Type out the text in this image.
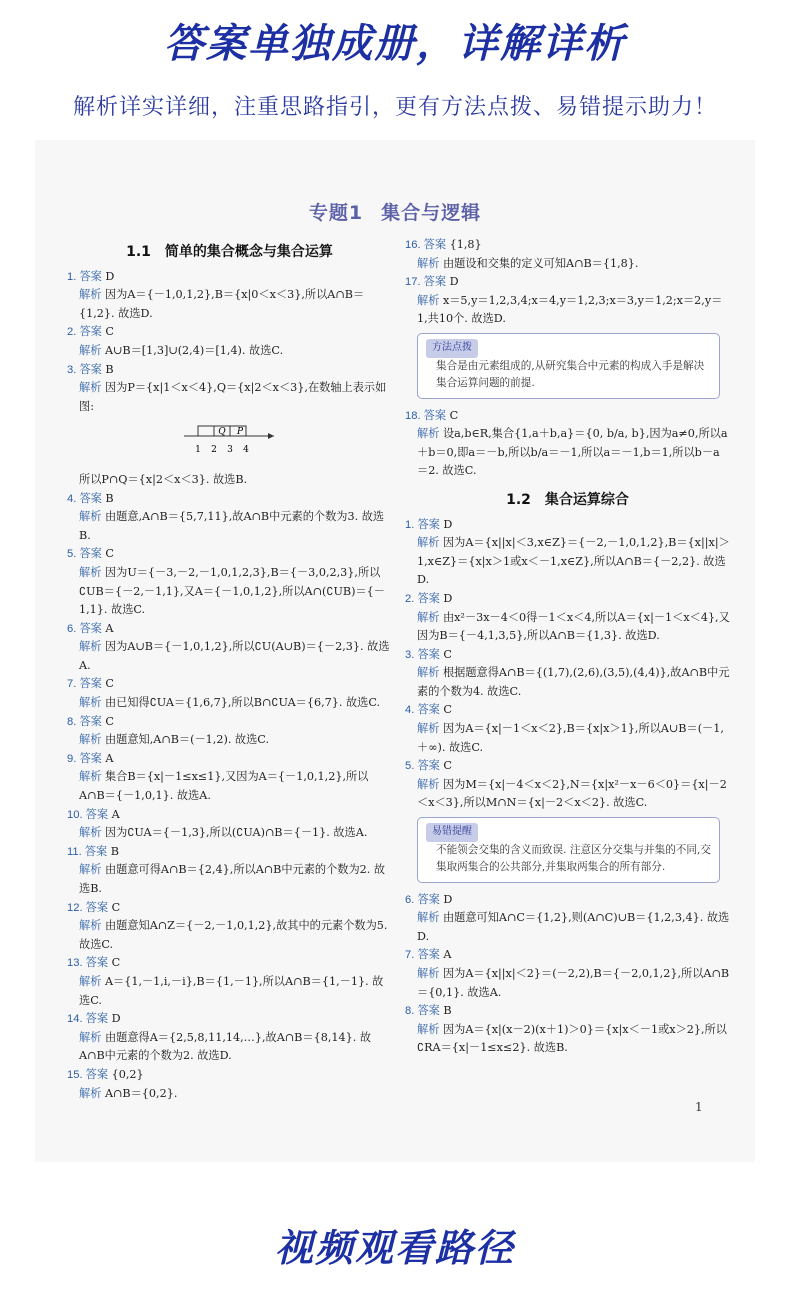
答案单独成册，详解详析
解析详实详细，注重思路指引，更有方法点拨、易错提示助力！
专题1 集合与逻辑
1.1　简单的集合概念与集合运算
1. 答案 D
解析 因为A＝{－1,0,1,2},B＝{x|0＜x＜3},所以A∩B＝{1,2}. 故选D.
2. 答案 C
解析 A∪B＝[1,3]∪(2,4)＝[1,4). 故选C.
3. 答案 B
解析 因为P＝{x|1＜x＜4},Q＝{x|2＜x＜3},在数轴上表示如图:
Q P
1 2 3 4
所以P∩Q＝{x|2＜x＜3}. 故选B.
4. 答案 B
解析 由题意,A∩B＝{5,7,11},故A∩B中元素的个数为3. 故选B.
5. 答案 C
解析 因为U＝{－3,－2,－1,0,1,2,3},B＝{－3,0,2,3},所以∁UB＝{－2,－1,1},又A＝{－1,0,1,2},所以A∩(∁UB)＝{－1,1}. 故选C.
6. 答案 A
解析 因为A∪B＝{－1,0,1,2},所以∁U(A∪B)＝{－2,3}. 故选A.
7. 答案 C
解析 由已知得∁UA＝{1,6,7},所以B∩∁UA＝{6,7}. 故选C.
8. 答案 C
解析 由题意知,A∩B＝(－1,2). 故选C.
9. 答案 A
解析 集合B＝{x|－1≤x≤1},又因为A＝{－1,0,1,2},所以A∩B＝{－1,0,1}. 故选A.
10. 答案 A
解析 因为∁UA＝{－1,3},所以(∁UA)∩B＝{－1}. 故选A.
11. 答案 B
解析 由题意可得A∩B＝{2,4},所以A∩B中元素的个数为2. 故选B.
12. 答案 C
解析 由题意知A∩Z＝{－2,－1,0,1,2},故其中的元素个数为5. 故选C.
13. 答案 C
解析 A＝{1,－1,i,－i},B＝{1,－1},所以A∩B＝{1,－1}. 故选C.
14. 答案 D
解析 由题意得A＝{2,5,8,11,14,…},故A∩B＝{8,14}. 故A∩B中元素的个数为2. 故选D.
15. 答案 {0,2}
解析 A∩B＝{0,2}.
16. 答案 {1,8}
解析 由题设和交集的定义可知A∩B＝{1,8}.
17. 答案 D
解析 x＝5,y＝1,2,3,4;x＝4,y＝1,2,3;x＝3,y＝1,2;x＝2,y＝1,共10个. 故选D.
方法点拨
集合是由元素组成的,从研究集合中元素的构成入手是解决集合运算问题的前提.
18. 答案 C
解析 设a,b∈R,集合{1,a＋b,a}＝{0, b/a, b},因为a≠0,所以a＋b＝0,即a＝－b,所以b/a＝－1,所以a＝－1,b＝1,所以b－a＝2. 故选C.
1.2　集合运算综合
1. 答案 D
解析 因为A＝{x||x|＜3,x∈Z}＝{－2,－1,0,1,2},B＝{x||x|＞1,x∈Z}＝{x|x＞1或x＜－1,x∈Z},所以A∩B＝{－2,2}. 故选D.
2. 答案 D
解析 由x²－3x－4＜0得－1＜x＜4,所以A＝{x|－1＜x＜4},又因为B＝{－4,1,3,5},所以A∩B＝{1,3}. 故选D.
3. 答案 C
解析 根据题意得A∩B＝{(1,7),(2,6),(3,5),(4,4)},故A∩B中元素的个数为4. 故选C.
4. 答案 C
解析 因为A＝{x|－1＜x＜2},B＝{x|x＞1},所以A∪B＝(－1,＋∞). 故选C.
5. 答案 C
解析 因为M＝{x|－4＜x＜2},N＝{x|x²－x－6＜0}＝{x|－2＜x＜3},所以M∩N＝{x|－2＜x＜2}. 故选C.
易错提醒
不能领会交集的含义而致误. 注意区分交集与并集的不同,交集取两集合的公共部分,并集取两集合的所有部分.
6. 答案 D
解析 由题意可知A∩C＝{1,2},则(A∩C)∪B＝{1,2,3,4}. 故选D.
7. 答案 A
解析 因为A＝{x||x|＜2}＝(－2,2),B＝{－2,0,1,2},所以A∩B＝{0,1}. 故选A.
8. 答案 B
解析 因为A＝{x|(x－2)(x＋1)＞0}＝{x|x＜－1或x＞2},所以∁RA＝{x|－1≤x≤2}. 故选B.
1
视频观看路径
